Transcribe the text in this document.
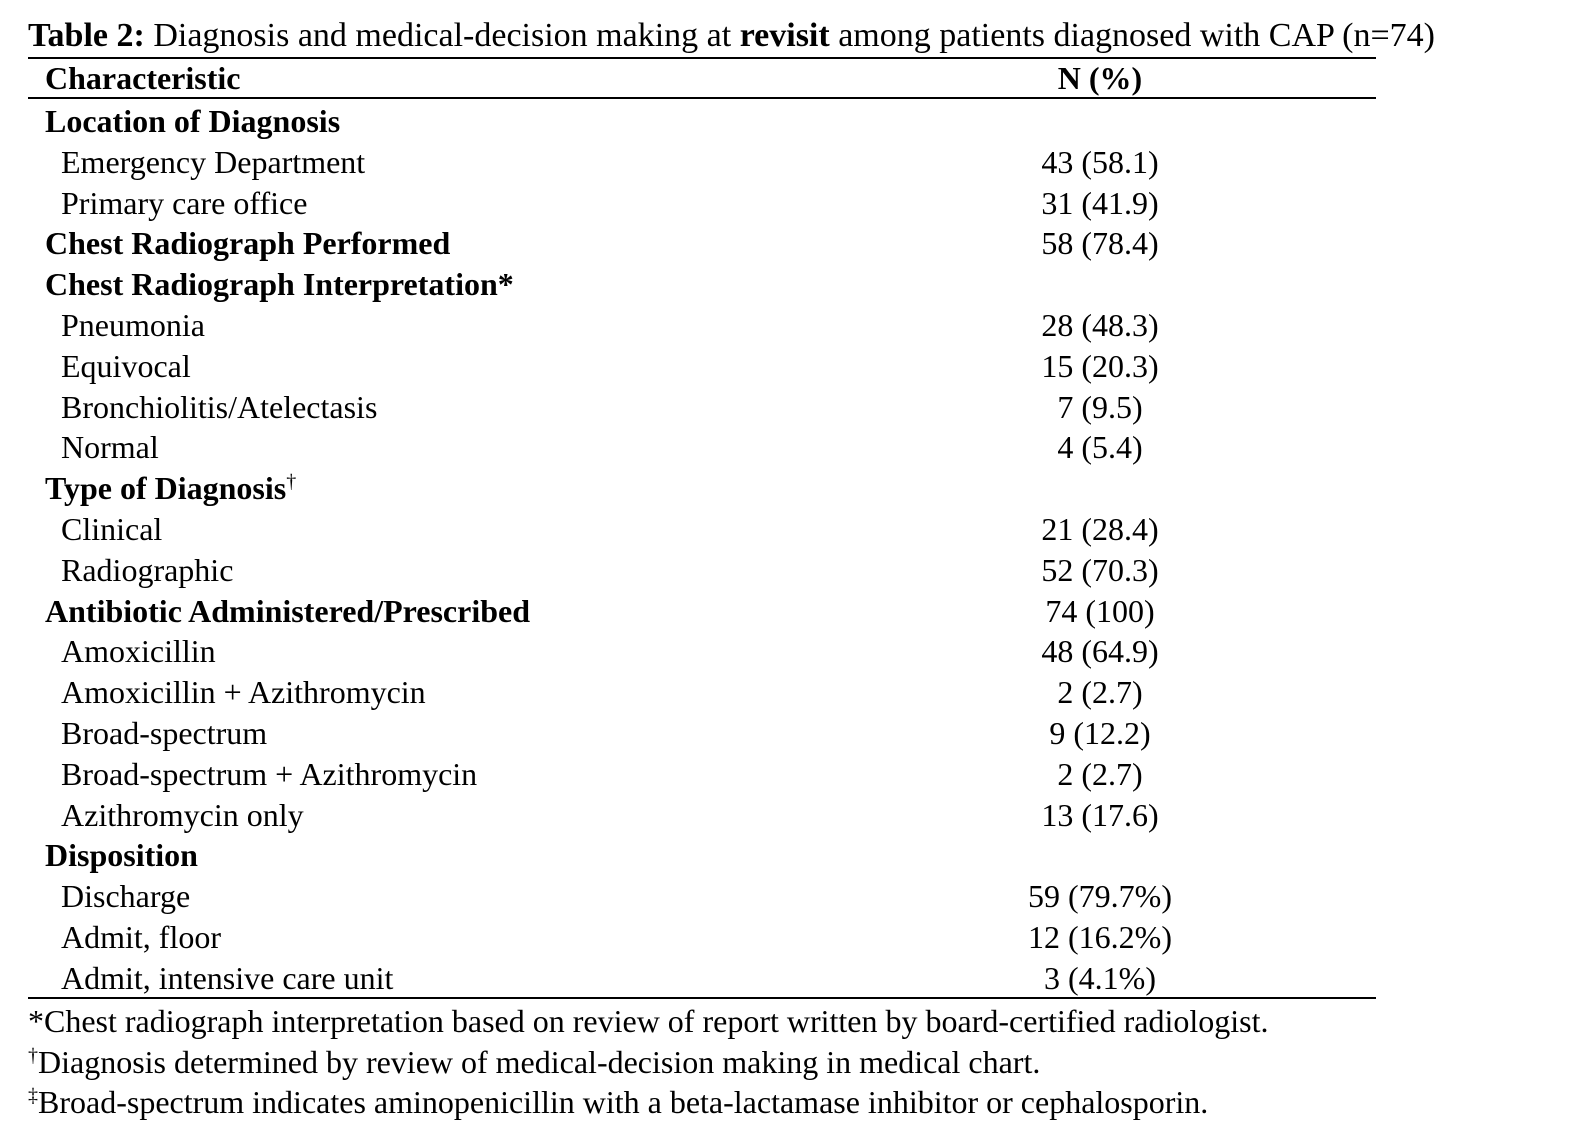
Table 2: Diagnosis and medical-decision making at revisit among patients diagnosed with CAP (n=74)
Characteristic	N (%)
Location of Diagnosis
Emergency Department	43 (58.1)
Primary care office	31 (41.9)
Chest Radiograph Performed	58 (78.4)
Chest Radiograph Interpretation*
Pneumonia	28 (48.3)
Equivocal	15 (20.3)
Bronchiolitis/Atelectasis	7 (9.5)
Normal	4 (5.4)
Type of Diagnosis†
Clinical	21 (28.4)
Radiographic	52 (70.3)
Antibiotic Administered/Prescribed	74 (100)
Amoxicillin	48 (64.9)
Amoxicillin + Azithromycin	2 (2.7)
Broad-spectrum	9 (12.2)
Broad-spectrum + Azithromycin	2 (2.7)
Azithromycin only	13 (17.6)
Disposition
Discharge	59 (79.7%)
Admit, floor	12 (16.2%)
Admit, intensive care unit	3 (4.1%)
*Chest radiograph interpretation based on review of report written by board-certified radiologist.
†Diagnosis determined by review of medical-decision making in medical chart.
‡Broad-spectrum indicates aminopenicillin with a beta-lactamase inhibitor or cephalosporin.
